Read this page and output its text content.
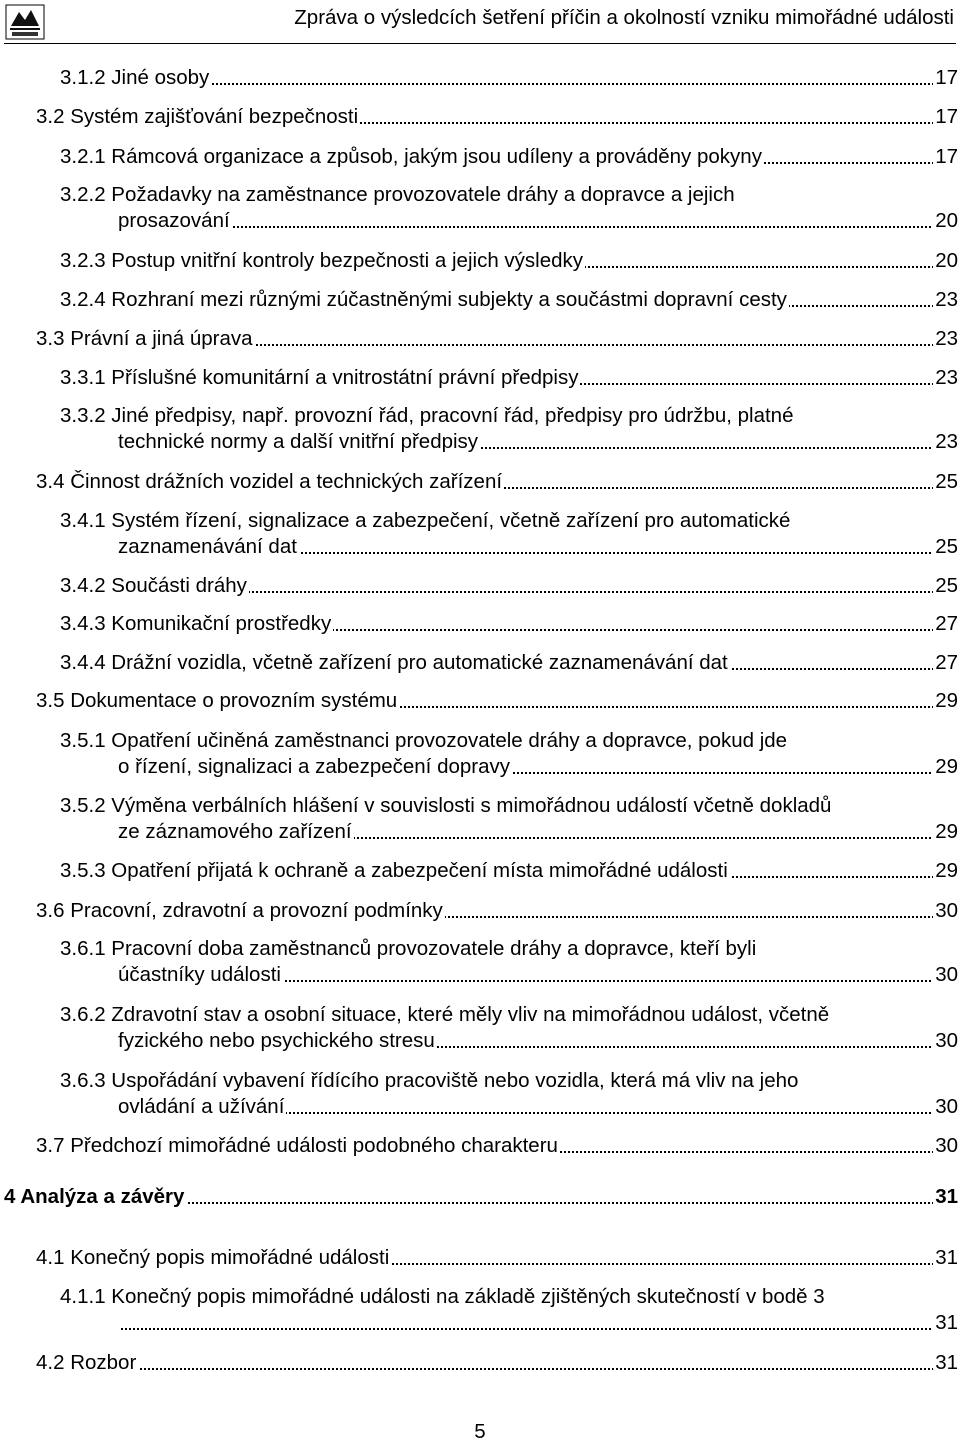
Zpráva o výsledcích šetření příčin a okolností vzniku mimořádné události
3.1.2 Jiné osoby	17
3.2 Systém zajišťování bezpečnosti	17
3.2.1 Rámcová organizace a způsob, jakým jsou udíleny a prováděny pokyny	17
3.2.2 Požadavky na zaměstnance provozovatele dráhy a dopravce a jejich
prosazování	20
3.2.3 Postup vnitřní kontroly bezpečnosti a jejich výsledky	20
3.2.4 Rozhraní mezi různými zúčastněnými subjekty a součástmi dopravní cesty	23
3.3 Právní a jiná úprava	23
3.3.1 Příslušné komunitární a vnitrostátní právní předpisy	23
3.3.2 Jiné předpisy, např. provozní řád, pracovní řád, předpisy pro údržbu, platné
technické normy a další vnitřní předpisy	23
3.4 Činnost drážních vozidel a technických zařízení	25
3.4.1 Systém řízení, signalizace a zabezpečení, včetně zařízení pro automatické
zaznamenávání dat	25
3.4.2 Součásti dráhy	25
3.4.3 Komunikační prostředky	27
3.4.4 Drážní vozidla, včetně zařízení pro automatické zaznamenávání dat	27
3.5 Dokumentace o provozním systému	29
3.5.1 Opatření učiněná zaměstnanci provozovatele dráhy a dopravce, pokud jde
o řízení, signalizaci a zabezpečení dopravy	29
3.5.2 Výměna verbálních hlášení v souvislosti s mimořádnou událostí včetně dokladů
ze záznamového zařízení	29
3.5.3 Opatření přijatá k ochraně a zabezpečení místa mimořádné události	29
3.6 Pracovní, zdravotní a provozní podmínky	30
3.6.1 Pracovní doba zaměstnanců provozovatele dráhy a dopravce, kteří byli
účastníky události	30
3.6.2 Zdravotní stav a osobní situace, které měly vliv na mimořádnou událost, včetně
fyzického nebo psychického stresu	30
3.6.3 Uspořádání vybavení řídícího pracoviště nebo vozidla, která má vliv na jeho
ovládání a užívání	30
3.7 Předchozí mimořádné události podobného charakteru	30
4 Analýza a závěry	31
4.1 Konečný popis mimořádné události	31
4.1.1 Konečný popis mimořádné události na základě zjištěných skutečností v bodě 3
31
4.2 Rozbor	31
5
